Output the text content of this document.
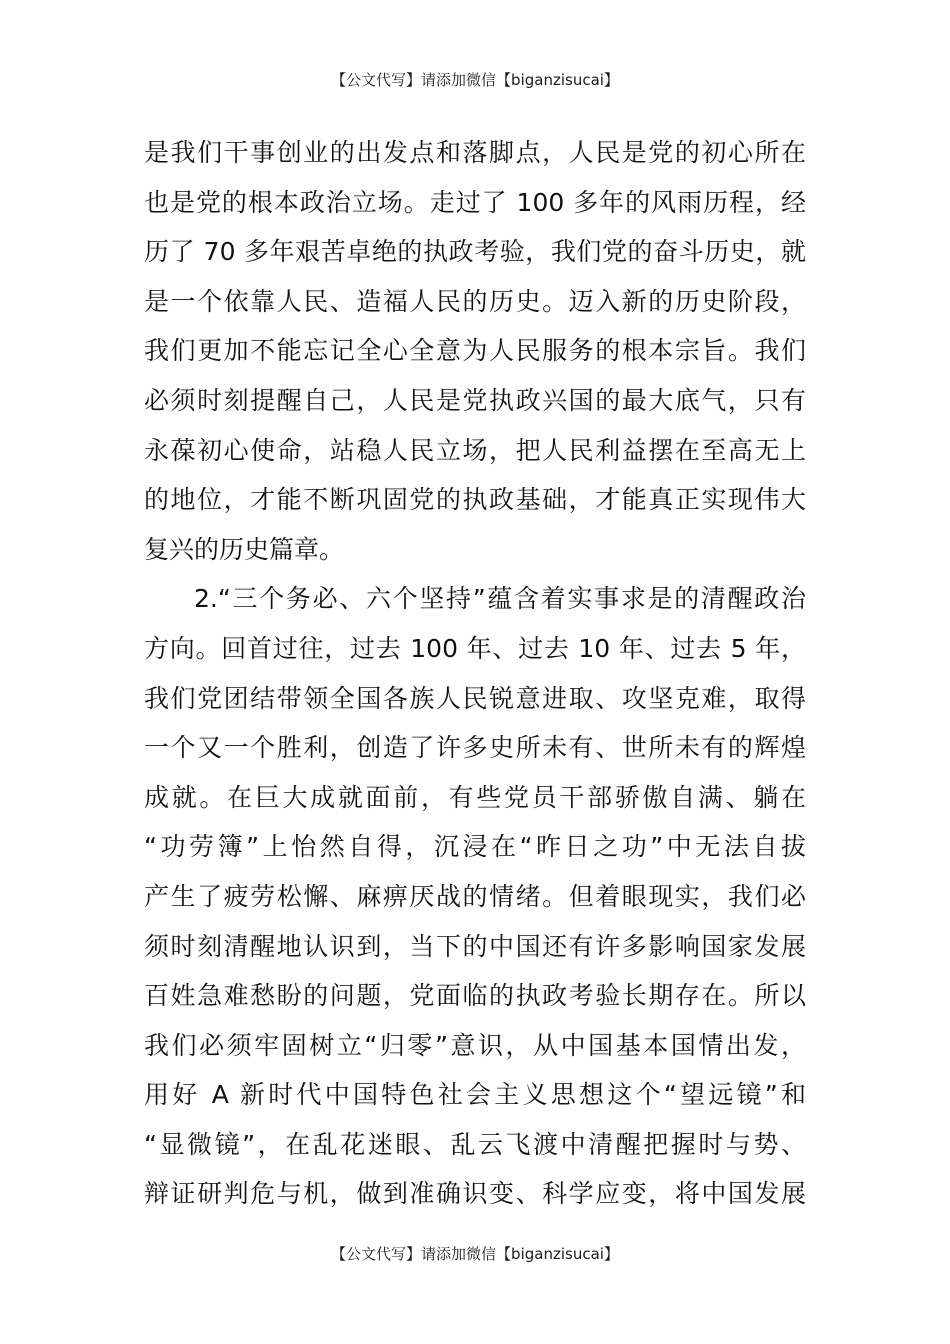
【公文代写】请添加微信【biganzisucai】
是我们干事创业的出发点和落脚点，人民是党的初心所在
也是党的根本政治立场。走过了 100 多年的风雨历程，经
历了 70 多年艰苦卓绝的执政考验，我们党的奋斗历史，就
是一个依靠人民、造福人民的历史。迈入新的历史阶段，
我们更加不能忘记全心全意为人民服务的根本宗旨。我们
必须时刻提醒自己，人民是党执政兴国的最大底气，只有
永葆初心使命，站稳人民立场，把人民利益摆在至高无上
的地位，才能不断巩固党的执政基础，才能真正实现伟大
复兴的历史篇章。
2.“三个务必、六个坚持”蕴含着实事求是的清醒政治
方向。回首过往，过去 100 年、过去 10 年、过去 5 年，
我们党团结带领全国各族人民锐意进取、攻坚克难，取得
一个又一个胜利，创造了许多史所未有、世所未有的辉煌
成就。在巨大成就面前，有些党员干部骄傲自满、躺在
“功劳簿”上怡然自得，沉浸在“昨日之功”中无法自拔
产生了疲劳松懈、麻痹厌战的情绪。但着眼现实，我们必
须时刻清醒地认识到，当下的中国还有许多影响国家发展
百姓急难愁盼的问题，党面临的执政考验长期存在。所以
我们必须牢固树立“归零”意识，从中国基本国情出发，
用好 A 新时代中国特色社会主义思想这个“望远镜”和
“显微镜”，在乱花迷眼、乱云飞渡中清醒把握时与势、
辩证研判危与机，做到准确识变、科学应变，将中国发展
【公文代写】请添加微信【biganzisucai】
